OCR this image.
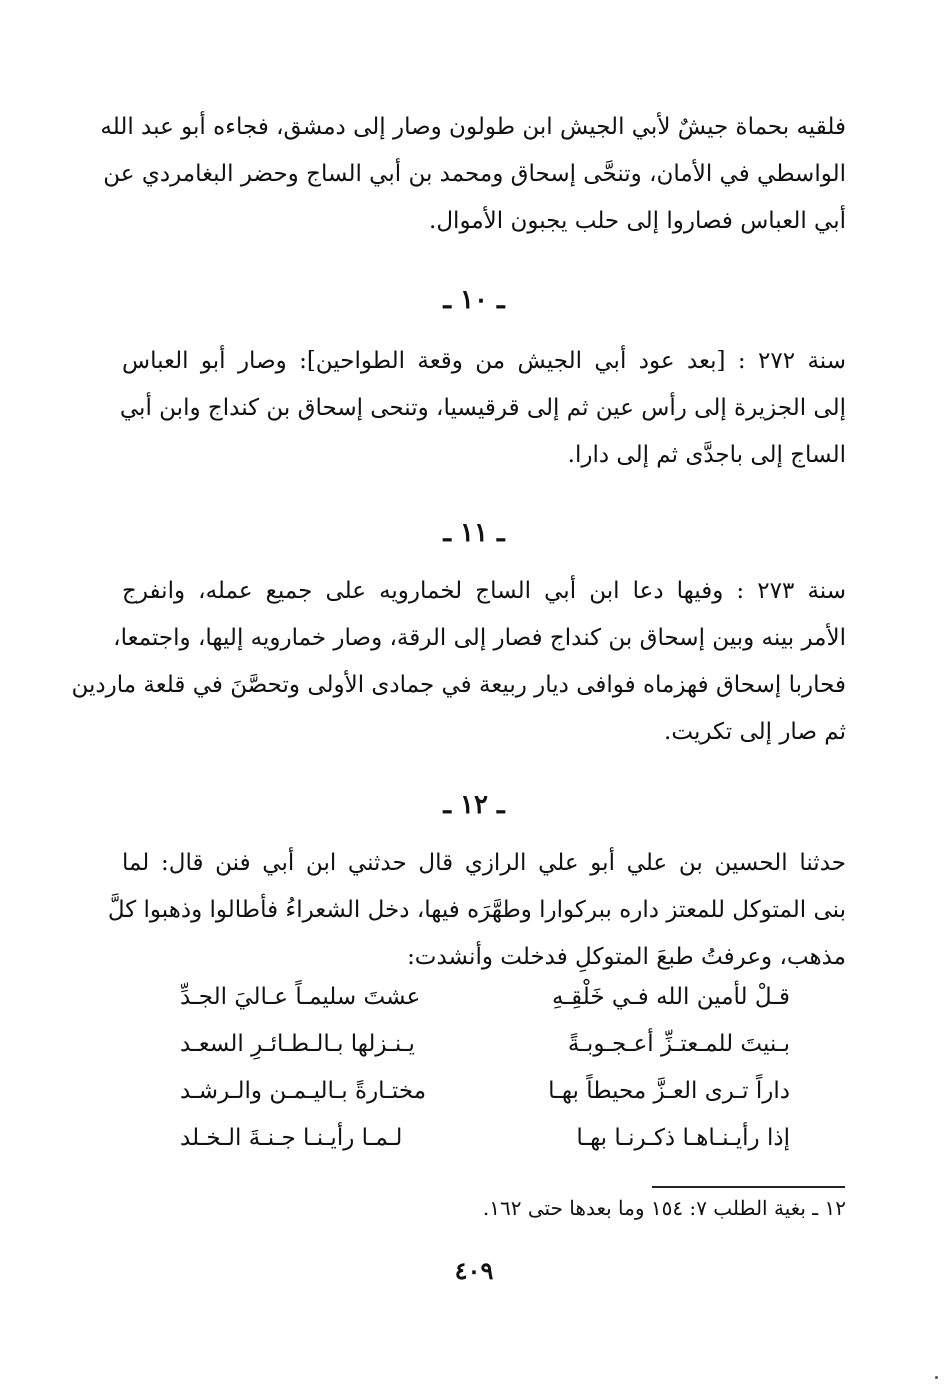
فلقيه بحماة جيشٌ لأبي الجيش ابن طولون وصار إلى دمشق، فجاءه أبو عبد الله
الواسطي في الأمان، وتنحَّى إسحاق ومحمد بن أبي الساج وحضر البغامردي عن
أبي العباس فصاروا إلى حلب يجبون الأموال.
ـ ١٠ ـ
سنة ٢٧٢ : [بعد عود أبي الجيش من وقعة الطواحين]: وصار أبو العباس
إلى الجزيرة إلى رأس عين ثم إلى قرقيسيا، وتنحى إسحاق بن كنداج وابن أبي
الساج إلى باجدَّى ثم إلى دارا.
ـ ١١ ـ
سنة ٢٧٣ : وفيها دعا ابن أبي الساج لخمارويه على جميع عمله، وانفرج
الأمر بينه وبين إسحاق بن كنداج فصار إلى الرقة، وصار خمارويه إليها، واجتمعا،
فحاربا إسحاق فهزماه فوافى ديار ربيعة في جمادى الأولى وتحصَّنَ في قلعة ماردين
ثم صار إلى تكريت.
ـ ١٢ ـ
حدثنا الحسين بن علي أبو علي الرازي قال حدثني ابن أبي فنن قال: لما
بنى المتوكل للمعتز داره ببركوارا وطهَّرَه فيها، دخل الشعراءُ فأطالوا وذهبوا كلَّ
مذهب، وعرفتُ طبعَ المتوكلِ فدخلت وأنشدت:
قـلْ لأمين الله فـي خَلْقِـهِ
عشتَ سليمـاً عـاليَ الجـدِّ
بـنيتَ للمـعتـزِّ أعـجـوبـةً
يـنـزلها بـالـطـائـرِ السعـد
داراً تـرى العـزَّ محيطاً بهـا
مختـارةً بـاليـمـن والـرشـد
إذا رأيـنـاهـا ذكـرنـا بهـا
لـمـا رأيـنـا جـنـةَ الـخـلد
١٢ ـ بغية الطلب ٧: ١٥٤ وما بعدها حتى ١٦٢.
٤٠٩
